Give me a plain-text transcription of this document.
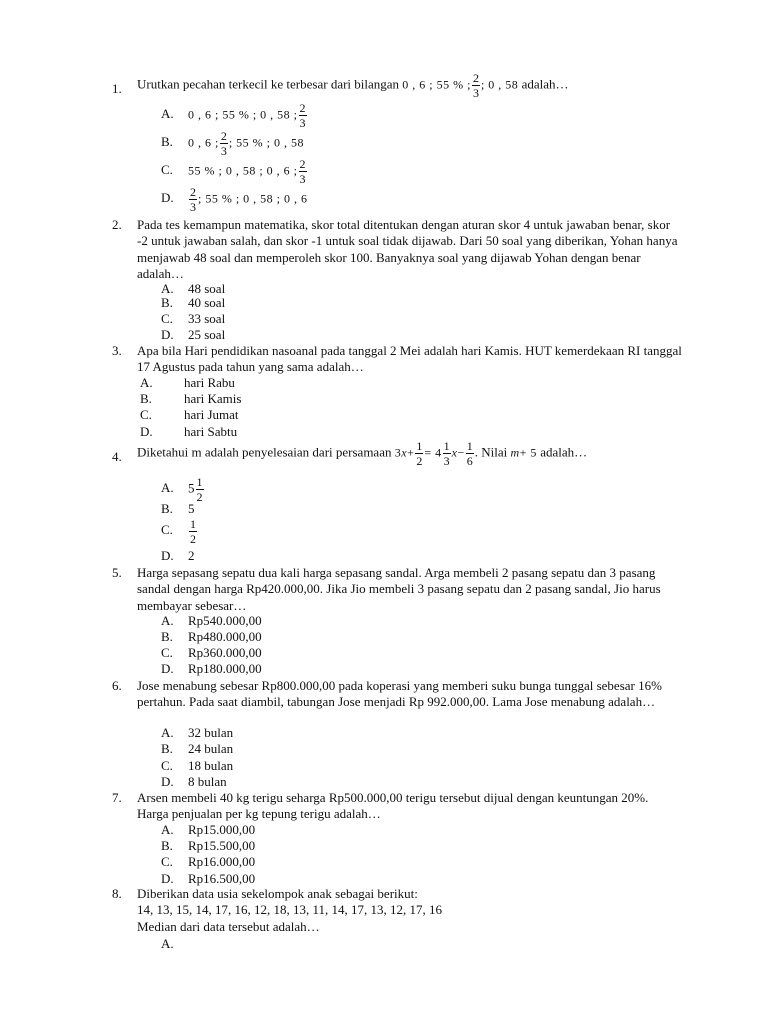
1. Urutkan pecahan terkecil ke terbesar dari bilangan 0 , 6 ; 55 % ; $\frac{2}{3}$ ; 0 , 58 adalah…
A. 0 , 6 ; 55 % ; 0 , 58 ; $\frac{2}{3}$
B. 0 , 6 ; $\frac{2}{3}$ ; 55 % ; 0 , 58
C. 55 % ; 0 , 58 ; 0 , 6 ; $\frac{2}{3}$
D. $\frac{2}{3}$ ; 55 % ; 0 , 58 ; 0 , 6
2. Pada tes kemampun matematika, skor total ditentukan dengan aturan skor 4 untuk jawaban benar, skor -2 untuk jawaban salah, dan skor -1 untuk soal tidak dijawab. Dari 50 soal yang diberikan, Yohan hanya menjawab 48 soal dan memperoleh skor 100. Banyaknya soal yang dijawab Yohan dengan benar adalah…
A. 48 soal
B. 40 soal
C. 33 soal
D. 25 soal
3. Apa bila Hari pendidikan nasoanal pada tanggal 2 Mei adalah hari Kamis. HUT kemerdekaan RI tanggal 17 Agustus pada tahun yang sama adalah…
A. hari Rabu
B. hari Kamis
C. hari Jumat
D. hari Sabtu
4. Diketahui m adalah penyelesaian dari persamaan $3x+ \frac{1}{2} = 4 \frac{1}{3} x- \frac{1}{6}$ . Nilai m+ 5 adalah…
A. $5 \frac{1}{2}$
B. 5
C. $\frac{1}{2}$
D. 2
5. Harga sepasang sepatu dua kali harga sepasang sandal. Arga membeli 2 pasang sepatu dan 3 pasang sandal dengan harga Rp420.000,00. Jika Jio membeli 3 pasang sepatu dan 2 pasang sandal, Jio harus membayar sebesar…
A. Rp540.000,00
B. Rp480.000,00
C. Rp360.000,00
D. Rp180.000,00
6. Jose menabung sebesar Rp800.000,00 pada koperasi yang memberi suku bunga tunggal sebesar 16% pertahun. Pada saat diambil, tabungan Jose menjadi Rp 992.000,00. Lama Jose menabung adalah…
A. 32 bulan
B. 24 bulan
C. 18 bulan
D. 8 bulan
7. Arsen membeli 40 kg terigu seharga Rp500.000,00 terigu tersebut dijual dengan keuntungan 20%. Harga penjualan per kg tepung terigu adalah…
A. Rp15.000,00
B. Rp15.500,00
C. Rp16.000,00
D. Rp16.500,00
8. Diberikan data usia sekelompok anak sebagai berikut:
14, 13, 15, 14, 17, 16, 12, 18, 13, 11, 14, 17, 13, 12, 17, 16
Median dari data tersebut adalah…
A.
